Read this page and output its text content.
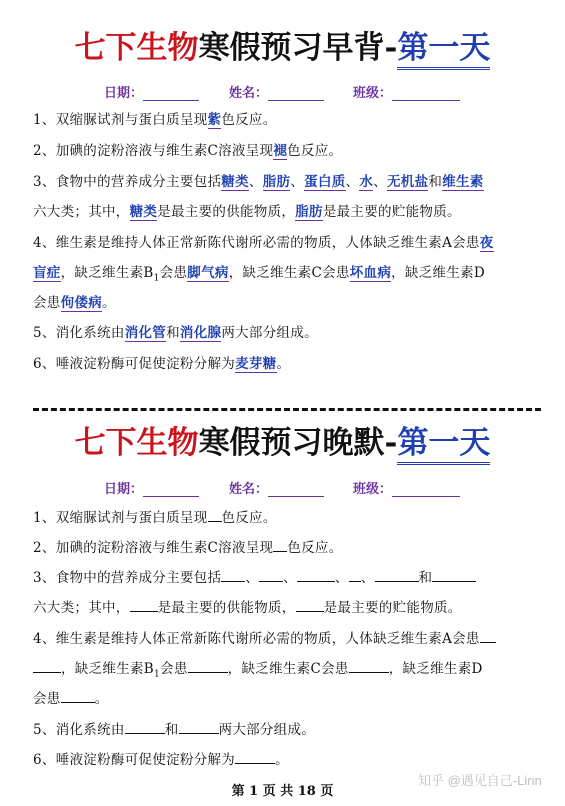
七下生物寒假预习早背-第一天
日期：	姓名：	班级：
1、双缩脲试剂与蛋白质呈现紫色反应。
2、加碘的淀粉溶液与维生素C溶液呈现褪色反应。
3、食物中的营养成分主要包括糖类、脂肪、蛋白质、水、无机盐和维生素
六大类；其中，糖类是最主要的供能物质，脂肪是最主要的贮能物质。
4、维生素是维持人体正常新陈代谢所必需的物质，人体缺乏维生素A会患夜
盲症，缺乏维生素$B_1$会患脚气病，缺乏维生素C会患坏血病，缺乏维生素D
会患佝偻病。
5、消化系统由消化管和消化腺两大部分组成。
6、唾液淀粉酶可促使淀粉分解为麦芽糖。
七下生物寒假预习晚默-第一天
日期：	姓名：	班级：
1、双缩脲试剂与蛋白质呈现 色反应。
2、加碘的淀粉溶液与维生素C溶液呈现 色反应。
3、食物中的营养成分主要包括 、 、	、 、	和
六大类；其中， 是最主要的供能物质， 是最主要的贮能物质。
4、维生素是维持人体正常新陈代谢所必需的物质，人体缺乏维生素A会患
，缺乏维生素$B_1$会患	，缺乏维生素C会患	，缺乏维生素D
会患	。
5、消化系统由	和	两大部分组成。
6、唾液淀粉酶可促使淀粉分解为	。
知乎 @遇见自己-Linn
第 1 页 共 18 页
